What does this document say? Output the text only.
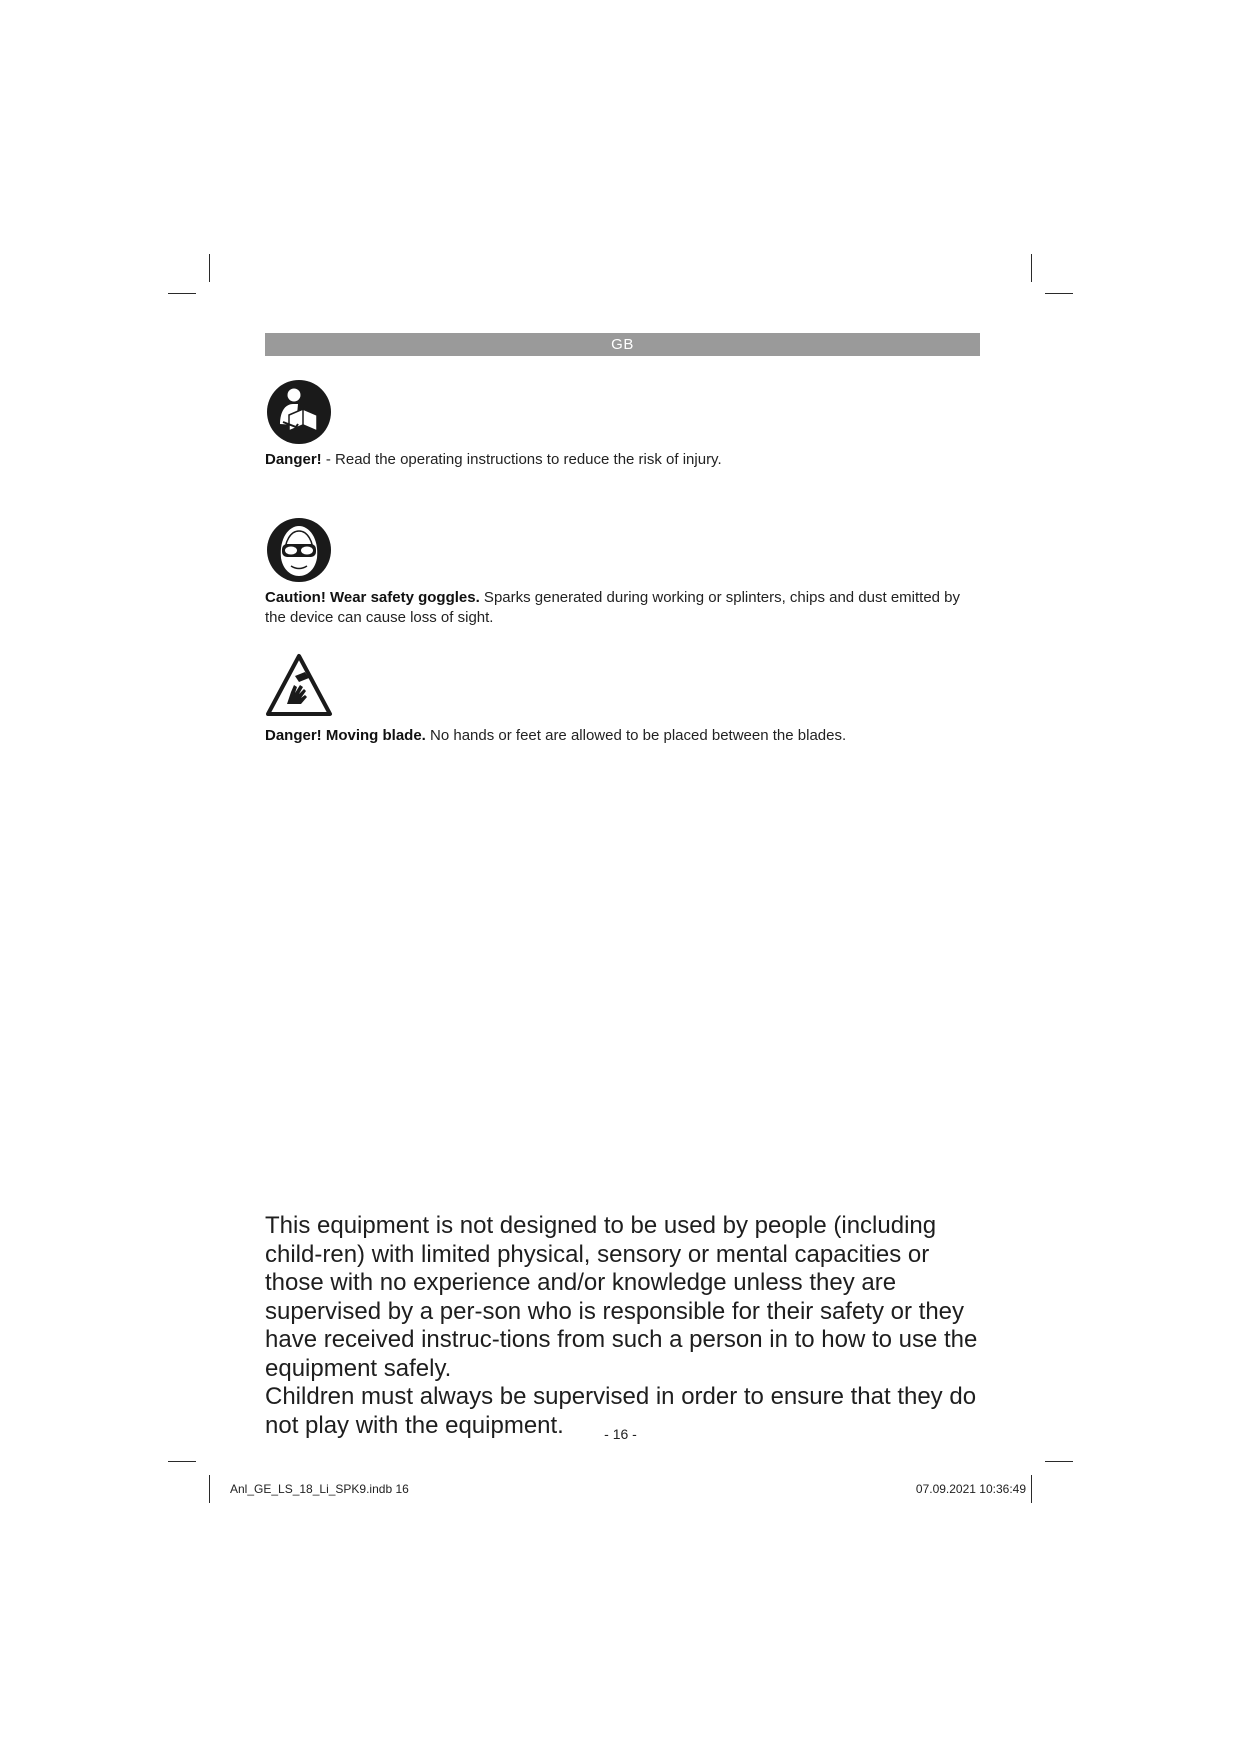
GB
Danger! - Read the operating instructions to reduce the risk of injury.
Caution! Wear safety goggles. Sparks generated during working or splinters, chips and dust emitted by the device can cause loss of sight.
Danger! Moving blade. No hands or feet are allowed to be placed between the blades.

This equipment is not designed to be used by people (including child-ren) with limited physical, sensory or mental capacities or those with no experience and/or knowledge unless they are supervised by a per-son who is responsible for their safety or they have received instruc-tions from such a person in to how to use the equipment safely.

Children must always be supervised in order to ensure that they do not play with the equipment.	- 16 -
Anl_GE_LS_18_Li_SPK9.indb 16	07.09.2021 10:36:49
